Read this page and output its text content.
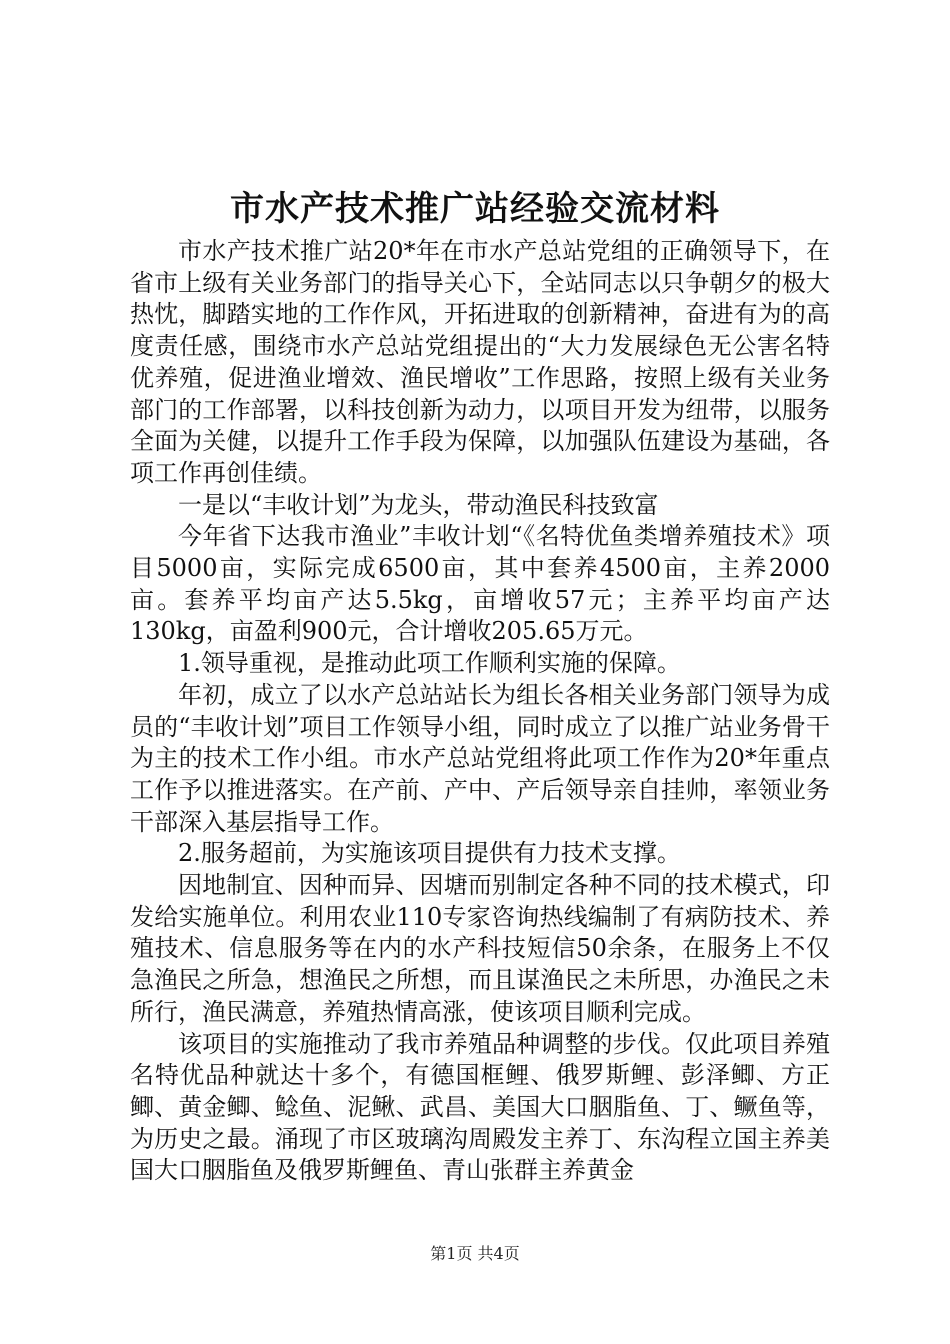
市水产技术推广站经验交流材料

市水产技术推广站20*年在市水产总站党组的正确领导下，在省市上级有关业务部门的指导关心下，全站同志以只争朝夕的极大热忱，脚踏实地的工作作风，开拓进取的创新精神，奋进有为的高度责任感，围绕市水产总站党组提出的“大力发展绿色无公害名特优养殖，促进渔业增效、渔民增收”工作思路，按照上级有关业务部门的工作部署，以科技创新为动力，以项目开发为纽带，以服务全面为关健，以提升工作手段为保障，以加强队伍建设为基础，各项工作再创佳绩。

一是以“丰收计划”为龙头，带动渔民科技致富

今年省下达我市渔业”丰收计划“《名特优鱼类增养殖技术》项目5000亩，实际完成6500亩，其中套养4500亩，主养2000亩。套养平均亩产达5.5kg，亩增收57元；主养平均亩产达130kg，亩盈利900元，合计增收205.65万元。

1.领导重视，是推动此项工作顺利实施的保障。

年初，成立了以水产总站站长为组长各相关业务部门领导为成员的“丰收计划”项目工作领导小组，同时成立了以推广站业务骨干为主的技术工作小组。市水产总站党组将此项工作作为20*年重点工作予以推进落实。在产前、产中、产后领导亲自挂帅，率领业务干部深入基层指导工作。

2.服务超前，为实施该项目提供有力技术支撑。

因地制宜、因种而异、因塘而别制定各种不同的技术模式，印发给实施单位。利用农业110专家咨询热线编制了有病防技术、养殖技术、信息服务等在内的水产科技短信50余条，在服务上不仅急渔民之所急，想渔民之所想，而且谋渔民之未所思，办渔民之未所行，渔民满意，养殖热情高涨，使该项目顺利完成。

该项目的实施推动了我市养殖品种调整的步伐。仅此项目养殖名特优品种就达十多个，有德国框鲤、俄罗斯鲤、彭泽鲫、方正鲫、黄金鲫、鲶鱼、泥鳅、武昌、美国大口胭脂鱼、丁、鳜鱼等，为历史之最。涌现了市区玻璃沟周殿发主养丁、东沟程立国主养美国大口胭脂鱼及俄罗斯鲤鱼、青山张群主养黄金

第1页 共4页
